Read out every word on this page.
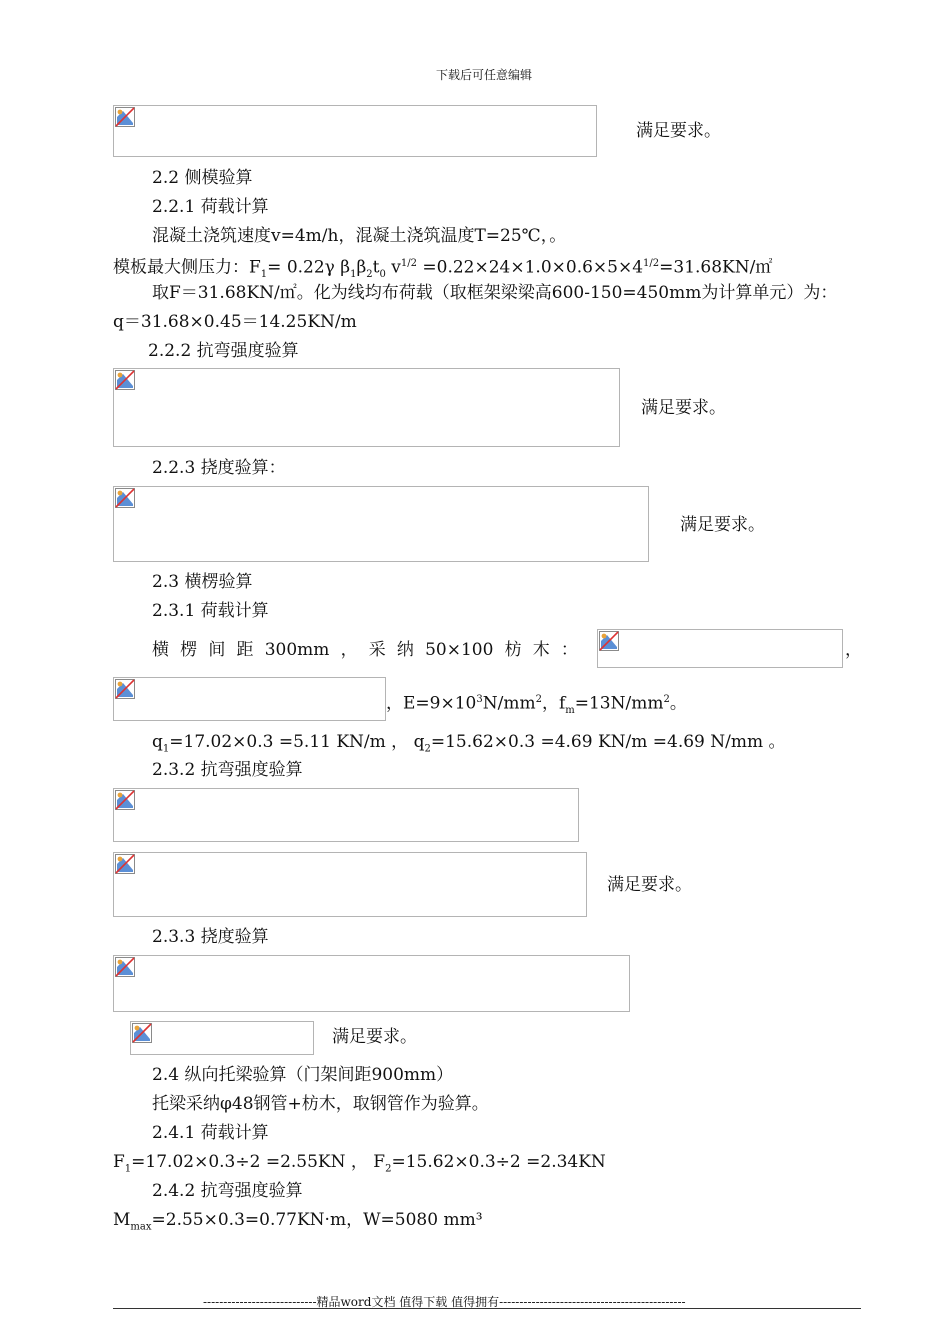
下载后可任意编辑
满足要求。
2.2 侧模验算
2.2.1 荷载计算
混凝土浇筑速度v=4m/h，混凝土浇筑温度T=25℃，。
模板最大侧压力：$F_1= 0.22\gamma$ $\beta_1\beta_2t_0$ $v^{1/2}$ $=0.22\times 24\times 1.0\times 0.6\times 5\times 4^{1/2}=31.68KN/㎡$
取F＝31.68KN/㎡。化为线均布荷载（取框架梁梁高600-150=450mm为计算单元）为：
q＝31.68×0.45＝14.25KN/m
2.2.2 抗弯强度验算
满足要求。
2.2.3 挠度验算：
满足要求。
2.3 横楞验算
2.3.1 荷载计算
横 楞 间 距 300mm ， 采 纳 50×100 枋 木 ：	，
，$E=9\times 10^3N/mm^2$，$f_m=13N/mm^2$。
$q_1=17.02\times 0.3 =5.11$ KN/m ， $q_2=15.62\times 0.3 =4.69$ KN/m =4.69 N/mm 。
2.3.2 抗弯强度验算
满足要求。
2.3.3 挠度验算
满足要求。
2.4 纵向托梁验算（门架间距900mm）
托梁采纳φ48钢管+枋木，取钢管作为验算。
2.4.1 荷载计算
$F_1=17.02\times 0.3\div 2 =2.55KN$ ， $F_2=15.62\times 0.3\div 2 =2.34KN$
2.4.2 抗弯强度验算
$M_{max}=2.55\times 0.3=0.77KN\cdot m$，W=5080 mm³
----------------------------精品word文档 值得下载 值得拥有----------------------------------------------
